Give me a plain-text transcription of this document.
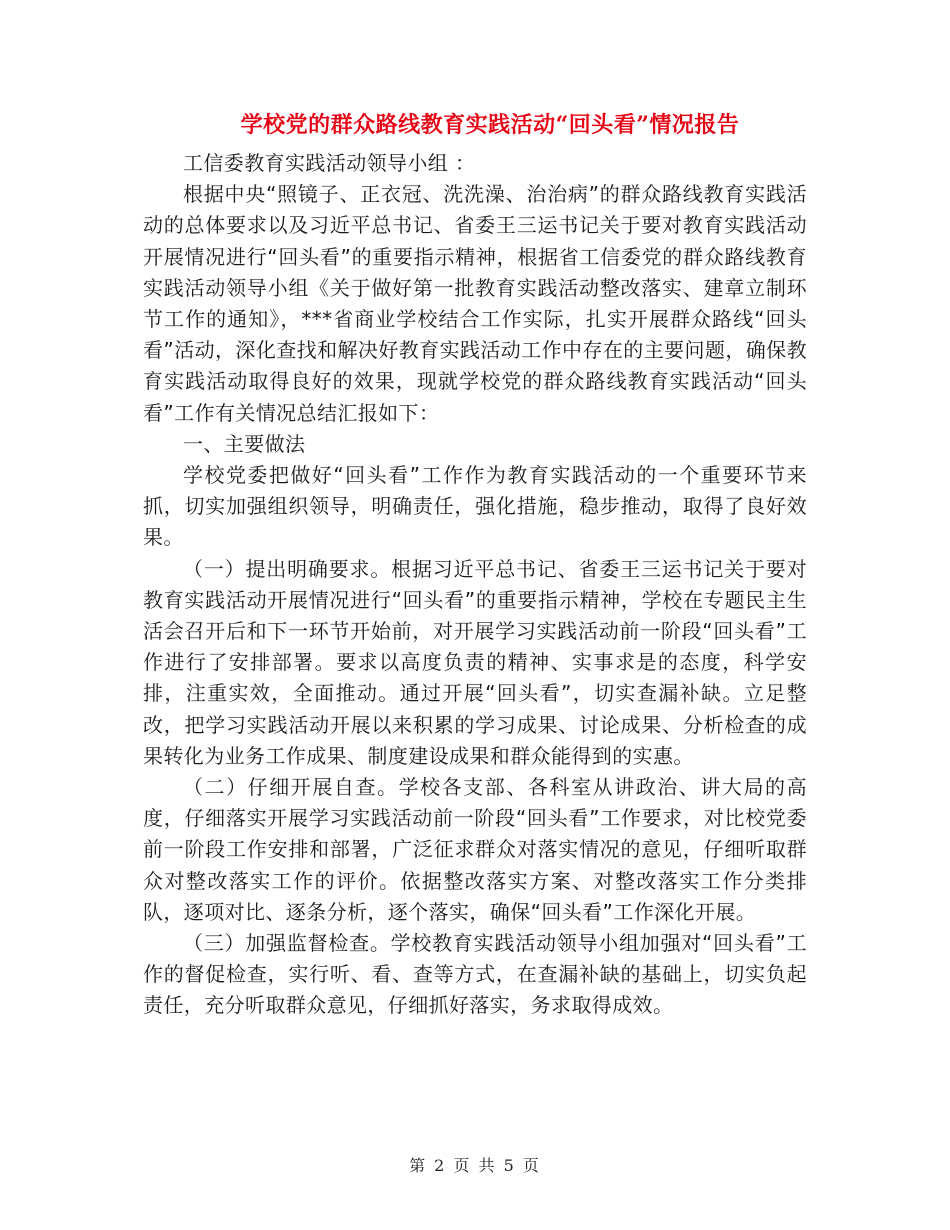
学校党的群众路线教育实践活动“回头看”情况报告

工信委教育实践活动领导小组 ：

根据中央“照镜子、正衣冠、洗洗澡、治治病”的群众路线教育实践活动的总体要求以及习近平总书记、省委王三运书记关于要对教育实践活动开展情况进行“回头看”的重要指示精神，根据省工信委党的群众路线教育实践活动领导小组《关于做好第一批教育实践活动整改落实、建章立制环节工作的通知》，***省商业学校结合工作实际，扎实开展群众路线“回头看”活动，深化查找和解决好教育实践活动工作中存在的主要问题，确保教育实践活动取得良好的效果，现就学校党的群众路线教育实践活动“回头看”工作有关情况总结汇报如下：

一、主要做法

学校党委把做好“回头看”工作作为教育实践活动的一个重要环节来抓，切实加强组织领导，明确责任，强化措施，稳步推动，取得了良好效果。

（一）提出明确要求。根据习近平总书记、省委王三运书记关于要对教育实践活动开展情况进行“回头看”的重要指示精神，学校在专题民主生活会召开后和下一环节开始前，对开展学习实践活动前一阶段“回头看”工作进行了安排部署。要求以高度负责的精神、实事求是的态度，科学安排，注重实效，全面推动。通过开展“回头看”，切实查漏补缺。立足整改，把学习实践活动开展以来积累的学习成果、讨论成果、分析检查的成果转化为业务工作成果、制度建设成果和群众能得到的实惠。

（二）仔细开展自查。学校各支部、各科室从讲政治、讲大局的高度，仔细落实开展学习实践活动前一阶段“回头看”工作要求，对比校党委前一阶段工作安排和部署，广泛征求群众对落实情况的意见，仔细听取群众对整改落实工作的评价。依据整改落实方案、对整改落实工作分类排队，逐项对比、逐条分析，逐个落实，确保“回头看”工作深化开展。

（三）加强监督检查。学校教育实践活动领导小组加强对“回头看”工作的督促检查，实行听、看、查等方式，在查漏补缺的基础上，切实负起责任，充分听取群众意见，仔细抓好落实，务求取得成效。

第 2 页 共 5 页
